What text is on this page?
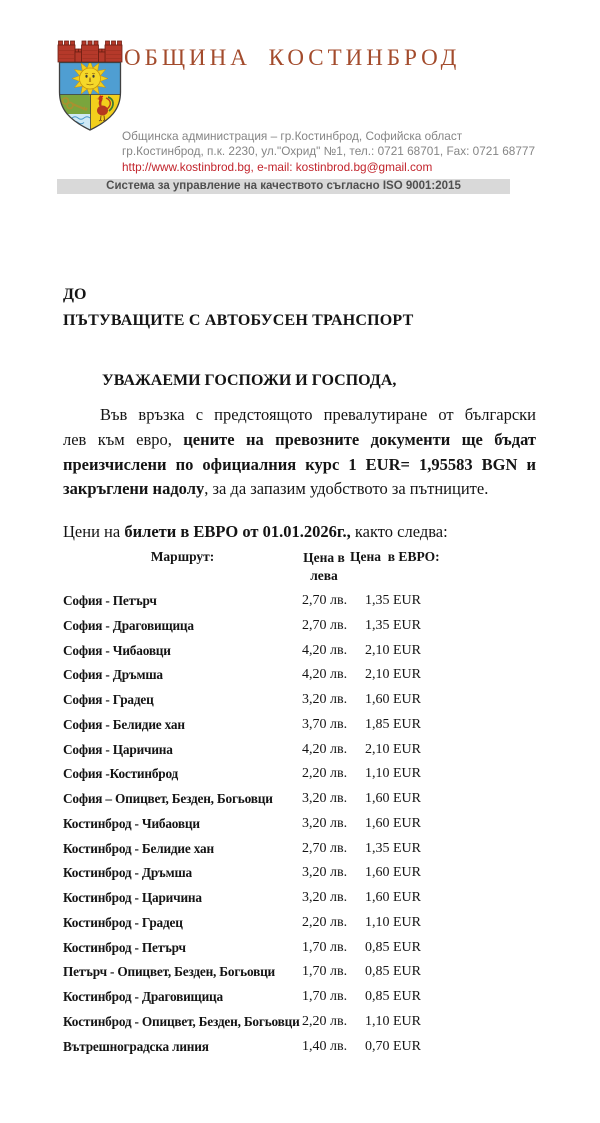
ОБЩИНА КОСТИНБРОД
Общинска администрация – гр.Костинброд, Софийска област
гр.Костинброд, п.к. 2230, ул."Охрид" №1, тел.: 0721 68701, Fax: 0721 68777
http://www.kostinbrod.bg, e-mail: kostinbrod.bg@gmail.com
Система за управление на качеството съгласно ISO 9001:2015
ДО
ПЪТУВАЩИТЕ С АВТОБУСЕН ТРАНСПОРТ
УВАЖАЕМИ ГОСПОЖИ И ГОСПОДА,
Във връзка с предстоящото превалутиране от български
лев към евро, цените на превозните документи ще бъдат
преизчислени по официалния курс 1 EUR= 1,95583 BGN и
закръглени надолу, за да запазим удобството за пътниците.
Цени на билети в ЕВРО от 01.01.2026г., както следва:
Маршрут:	Цена в
лева
Цена  в ЕВРО:
София - Петърч	2,70 лв. 1,35 EUR
София - Драговищица	2,70 лв. 1,35 EUR
София - Чибаовци	4,20 лв. 2,10 EUR
София - Дръмша	4,20 лв. 2,10 EUR
София - Градец	3,20 лв. 1,60 EUR
София - Белидие хан	3,70 лв. 1,85 EUR
София - Царичина	4,20 лв. 2,10 EUR
София -Костинброд	2,20 лв. 1,10 EUR
София – Опицвет, Безден, Богьовци 3,20 лв. 1,60 EUR
Костинброд - Чибаовци	3,20 лв. 1,60 EUR
Костинброд - Белидие хан	2,70 лв. 1,35 EUR
Костинброд - Дръмша	3,20 лв. 1,60 EUR
Костинброд - Царичина	3,20 лв. 1,60 EUR
Костинброд - Градец	2,20 лв. 1,10 EUR
Костинброд - Петърч	1,70 лв. 0,85 EUR
Петърч - Опицвет, Безден, Богьовци 1,70 лв. 0,85 EUR
Костинброд - Драговищица	1,70 лв. 0,85 EUR
Костинброд - Опицвет, Безден, Богьовци 2,20 лв. 1,10 EUR
Вътрешноградска линия	1,40 лв. 0,70 EUR
